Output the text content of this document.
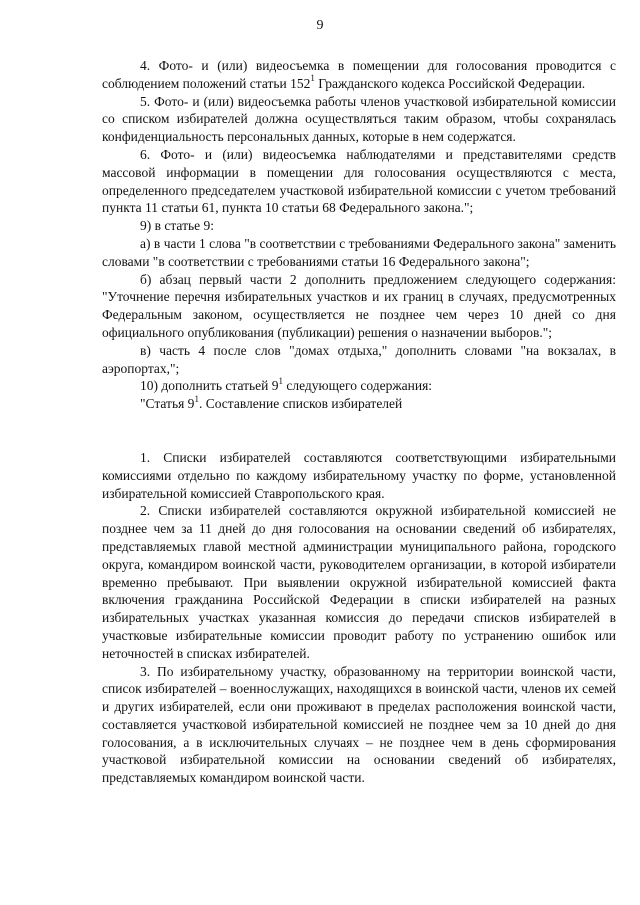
9

4. Фото- и (или) видеосъемка в помещении для голосования проводится с соблюдением положений статьи $152^1$ Гражданского кодекса Российской Федерации.

5. Фото- и (или) видеосъемка работы членов участковой избирательной комиссии со списком избирателей должна осуществляться таким образом, чтобы сохранялась конфиденциальность персональных данных, которые в нем содержатся.

6. Фото- и (или) видеосъемка наблюдателями и представителями средств массовой информации в помещении для голосования осуществляются с места, определенного председателем участковой избирательной комиссии с учетом требований пункта 11 статьи 61, пункта 10 статьи 68 Федерального закона.";

9) в статье 9:

а) в части 1 слова "в соответствии с требованиями Федерального закона" заменить словами "в соответствии с требованиями статьи 16 Федерального закона";

б) абзац первый части 2 дополнить предложением следующего содержания: "Уточнение перечня избирательных участков и их границ в случаях, предусмотренных Федеральным законом, осуществляется не позднее чем через 10 дней со дня официального опубликования (публикации) решения о назначении выборов.";

в) часть 4 после слов "домах отдыха," дополнить словами "на вокзалах, в аэропортах,";

10) дополнить статьей $9^1$ следующего содержания:

"Статья $9^1$. Составление списков избирателей

1. Списки избирателей составляются соответствующими избирательными комиссиями отдельно по каждому избирательному участку по форме, установленной избирательной комиссией Ставропольского края.

2. Списки избирателей составляются окружной избирательной комиссией не позднее чем за 11 дней до дня голосования на основании сведений об избирателях, представляемых главой местной администрации муниципального района, городского округа, командиром воинской части, руководителем организации, в которой избиратели временно пребывают. При выявлении окружной избирательной комиссией факта включения гражданина Российской Федерации в списки избирателей на разных избирательных участках указанная комиссия до передачи списков избирателей в участковые избирательные комиссии проводит работу по устранению ошибок или неточностей в списках избирателей.

3. По избирательному участку, образованному на территории воинской части, список избирателей – военнослужащих, находящихся в воинской части, членов их семей и других избирателей, если они проживают в пределах расположения воинской части, составляется участковой избирательной комиссией не позднее чем за 10 дней до дня голосования, а в исключительных случаях – не позднее чем в день сформирования участковой избирательной комиссии на основании сведений об избирателях, представляемых командиром воинской части.
